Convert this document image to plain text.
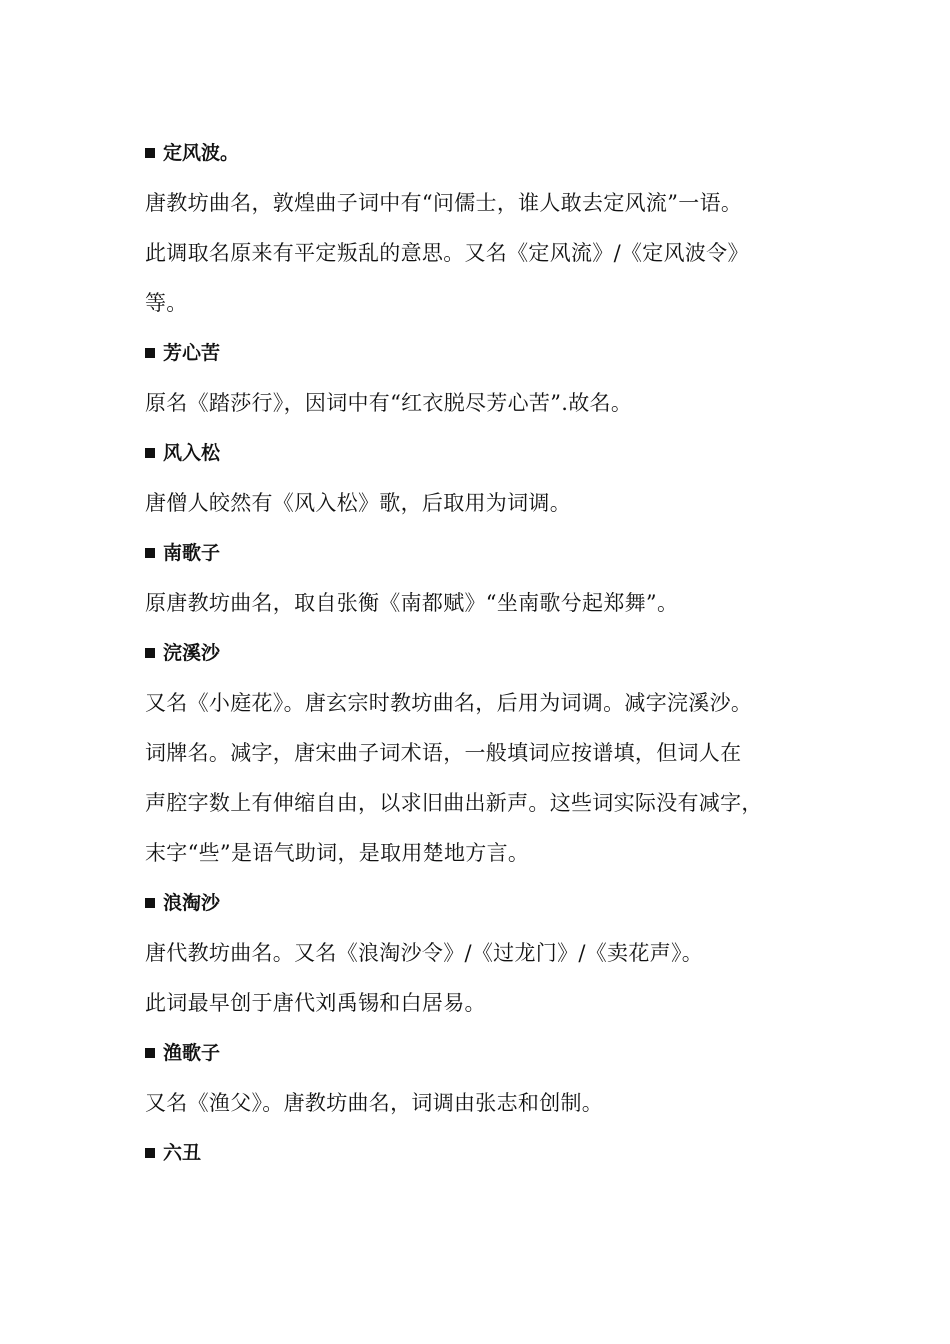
定风波。
唐教坊曲名，敦煌曲子词中有“问儒士，谁人敢去定风流”一语。
此调取名原来有平定叛乱的意思。又名《定风流》/《定风波令》
等。
芳心苦
原名《踏莎行》，因词中有“红衣脱尽芳心苦”.故名。
风入松
唐僧人皎然有《风入松》歌，后取用为词调。
南歌子
原唐教坊曲名，取自张衡《南都赋》“坐南歌兮起郑舞”。
浣溪沙
又名《小庭花》。唐玄宗时教坊曲名，后用为词调。减字浣溪沙。
词牌名。减字，唐宋曲子词术语，一般填词应按谱填，但词人在
声腔字数上有伸缩自由，以求旧曲出新声。这些词实际没有减字，
末字“些”是语气助词，是取用楚地方言。
浪淘沙
唐代教坊曲名。又名《浪淘沙令》/《过龙门》/《卖花声》。
此词最早创于唐代刘禹锡和白居易。
渔歌子
又名《渔父》。唐教坊曲名，词调由张志和创制。
六丑
